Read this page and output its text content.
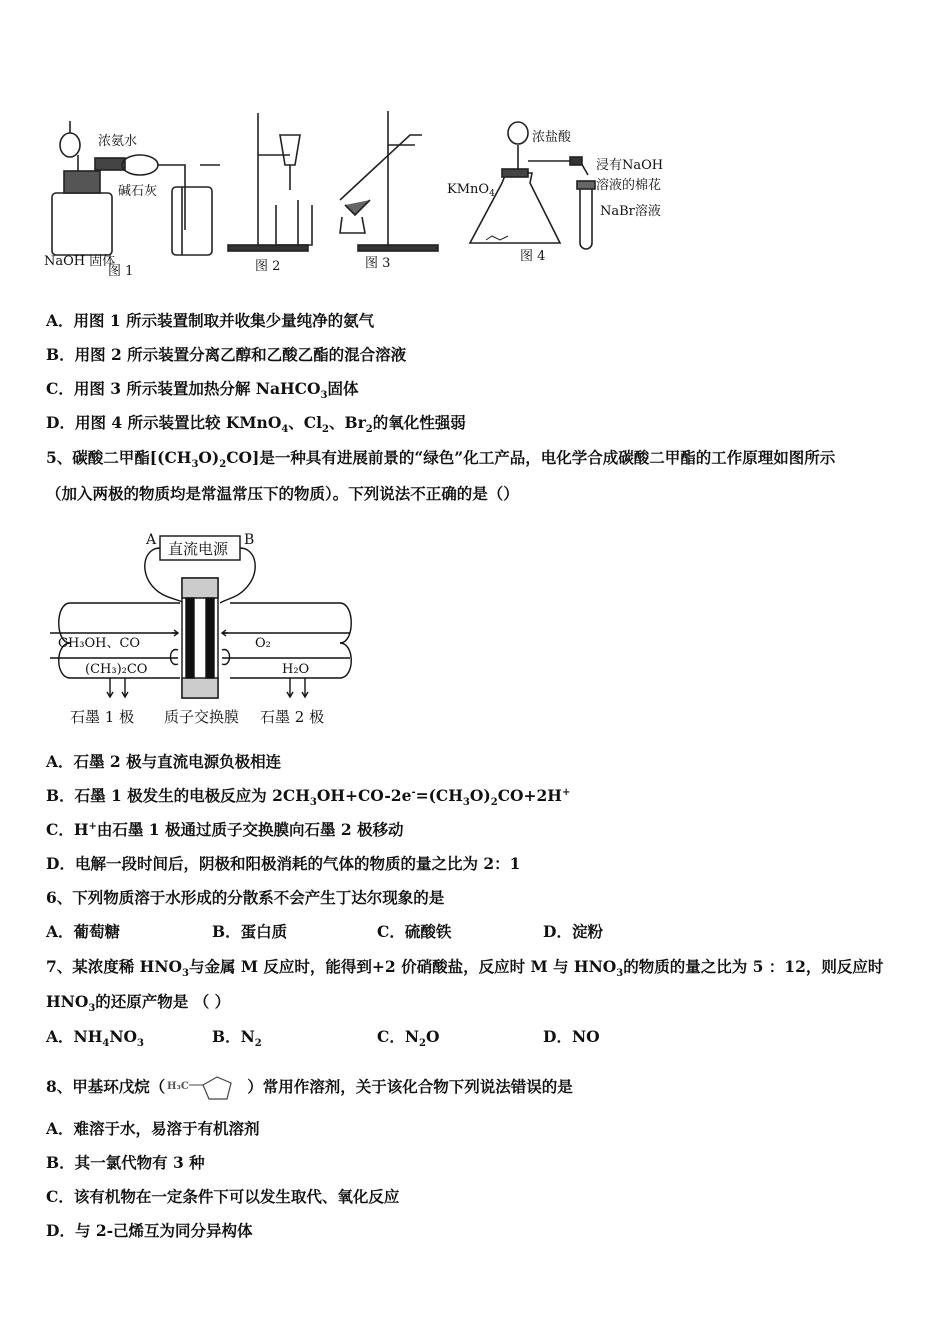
浓氨水
碱石灰
NaOH 固体
图 1	图 2	图 3
浓盐酸
KMnO$_4$
浸有NaOH
溶液的棉花
NaBr溶液
图 4
A．用图 1 所示装置制取并收集少量纯净的氨气
B．用图 2 所示装置分离乙醇和乙酸乙酯的混合溶液
C．用图 3 所示装置加热分解 NaHCO$_3$固体
D．用图 4 所示装置比较 KMnO$_4$、$Cl_2$、$Br_2$的氧化性强弱
5、碳酸二甲酯$[(CH_3O)_2CO]$是一种具有进展前景的“绿色”化工产品，电化学合成碳酸二甲酯的工作原理如图所示
（加入两极的物质均是常温常压下的物质）。下列说法不正确的是（）
A	B
直流电源
CH₃OH、CO
(CH₃)₂CO
O₂
H₂O
石墨 1 极 质子交换膜 石墨 2 极
A．石墨 2 极与直流电源负极相连
B．石墨 1 极发生的电极反应为 $2CH_3OH+CO-2e^-=(CH_3O)_2CO+2H^+$
C．H+由石墨 1 极通过质子交换膜向石墨 2 极移动
D．电解一段时间后，阴极和阳极消耗的气体的物质的量之比为 2：1
6、下列物质溶于水形成的分散系不会产生丁达尔现象的是
A．葡萄糖	B．蛋白质	C．硫酸铁	D．淀粉
7、某浓度稀 $HNO_3$与金属 M 反应时，能得到+2 价硝酸盐，反应时 M 与 $HNO_3$的物质的量之比为 5 ：12，则反应时
$HNO_3$的还原产物是 （ ）
A．$NH_4NO_3$	B．$N_2$	C．$N_2O$	D．NO
8、甲基环戊烷（ H₃C	）常用作溶剂，关于该化合物下列说法错误的是
A．难溶于水，易溶于有机溶剂
B．其一氯代物有 3 种
C．该有机物在一定条件下可以发生取代、氧化反应
D．与 2-己烯互为同分异构体
